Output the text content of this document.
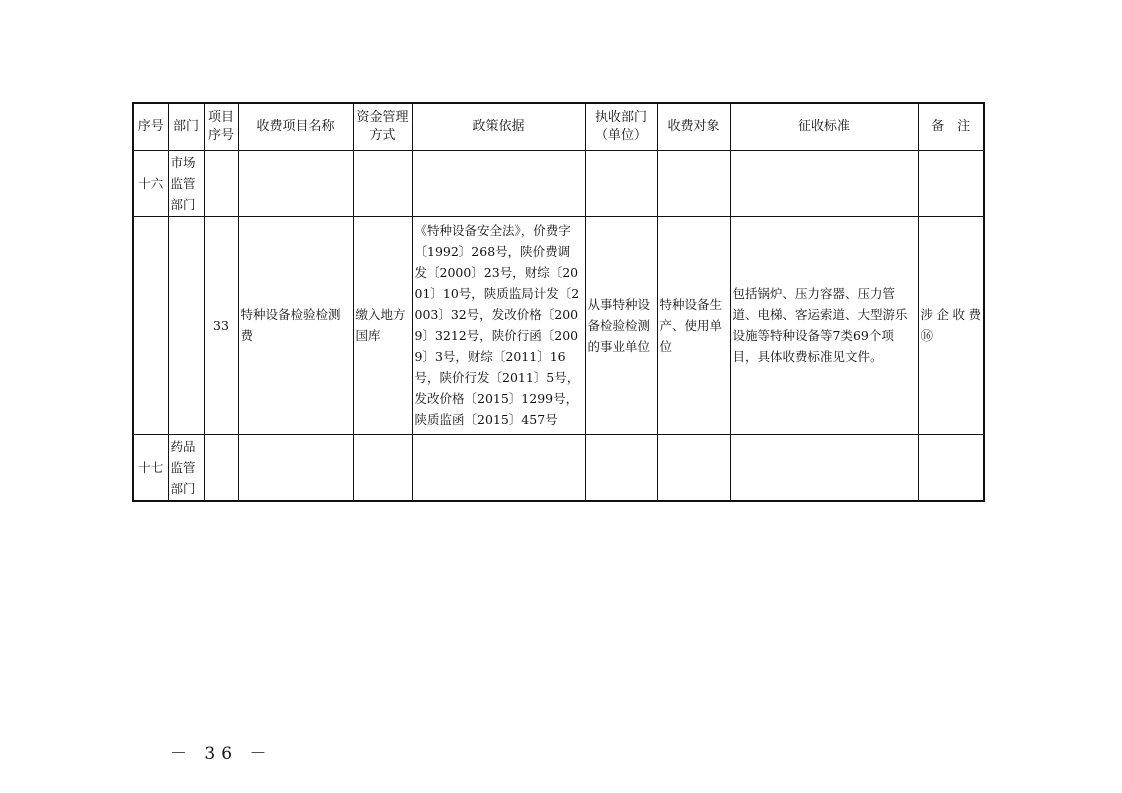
序号	部门	项目序号	收费项目名称	资金管理方式	政策依据	执收部门（单位）	收费对象	征收标准	备　注
十六	市场监管部门								
		33	特种设备检验检测费	缴入地方国库	《特种设备安全法》，价费字〔1992〕268号，陕价费调发〔2000〕23号，财综〔2001〕10号，陕质监局计发〔2003〕32号，发改价格〔2009〕3212号，陕价行函〔2009〕3号，财综〔2011〕16号，陕价行发〔2011〕5号，发改价格〔2015〕1299号，陕质监函〔2015〕457号	从事特种设备检验检测的事业单位	特种设备生产、使用单位	包括锅炉、压力容器、压力管道、电梯、客运索道、大型游乐设施等特种设备等7类69个项目，具体收费标准见文件。	涉企收费⑯
十七	药品监管部门								
－ 36 －
